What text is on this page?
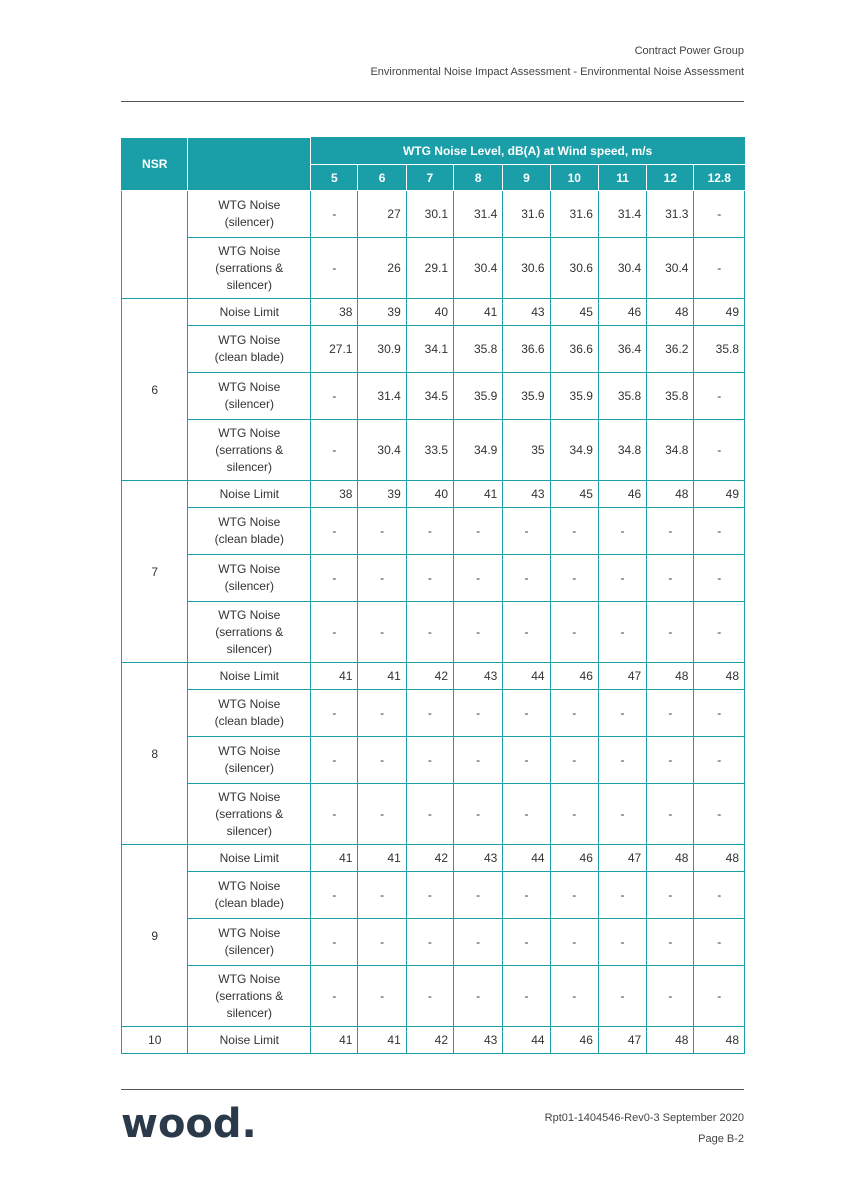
Contract Power Group
Environmental Noise Impact Assessment - Environmental Noise Assessment
NSR		WTG Noise Level, dB(A) at Wind speed, m/s								
		5	6	7	8	9	10	11	12	12.8

	WTG Noise
(silencer)	-	27	30.1	31.4	31.6	31.6	31.4	31.3	-

	WTG Noise
(serrations &
silencer)	-	26	29.1	30.4	30.6	30.6	30.4	30.4	-
6	Noise Limit	38	39	40	41	43	45	46	48	49

	WTG Noise
(clean blade)	27.1	30.9	34.1	35.8	36.6	36.6	36.4	36.2	35.8

	WTG Noise
(silencer)	-	31.4	34.5	35.9	35.9	35.9	35.8	35.8	-

	WTG Noise
(serrations &
silencer)	-	30.4	33.5	34.9	35	34.9	34.8	34.8	-
7	Noise Limit	38	39	40	41	43	45	46	48	49

	WTG Noise
(clean blade)	-	-	-	-	-	-	-	-	-

	WTG Noise
(silencer)	-	-	-	-	-	-	-	-	-

	WTG Noise
(serrations &
silencer)	-	-	-	-	-	-	-	-	-
8	Noise Limit	41	41	42	43	44	46	47	48	48

	WTG Noise
(clean blade)	-	-	-	-	-	-	-	-	-

	WTG Noise
(silencer)	-	-	-	-	-	-	-	-	-

	WTG Noise
(serrations &
silencer)	-	-	-	-	-	-	-	-	-
9	Noise Limit	41	41	42	43	44	46	47	48	48

	WTG Noise
(clean blade)	-	-	-	-	-	-	-	-	-

	WTG Noise
(silencer)	-	-	-	-	-	-	-	-	-

	WTG Noise
(serrations &
silencer)	-	-	-	-	-	-	-	-	-
10	Noise Limit	41	41	42	43	44	46	47	48	48
wood.	Rpt01-1404546-Rev0-3 September 2020
Page B-2
